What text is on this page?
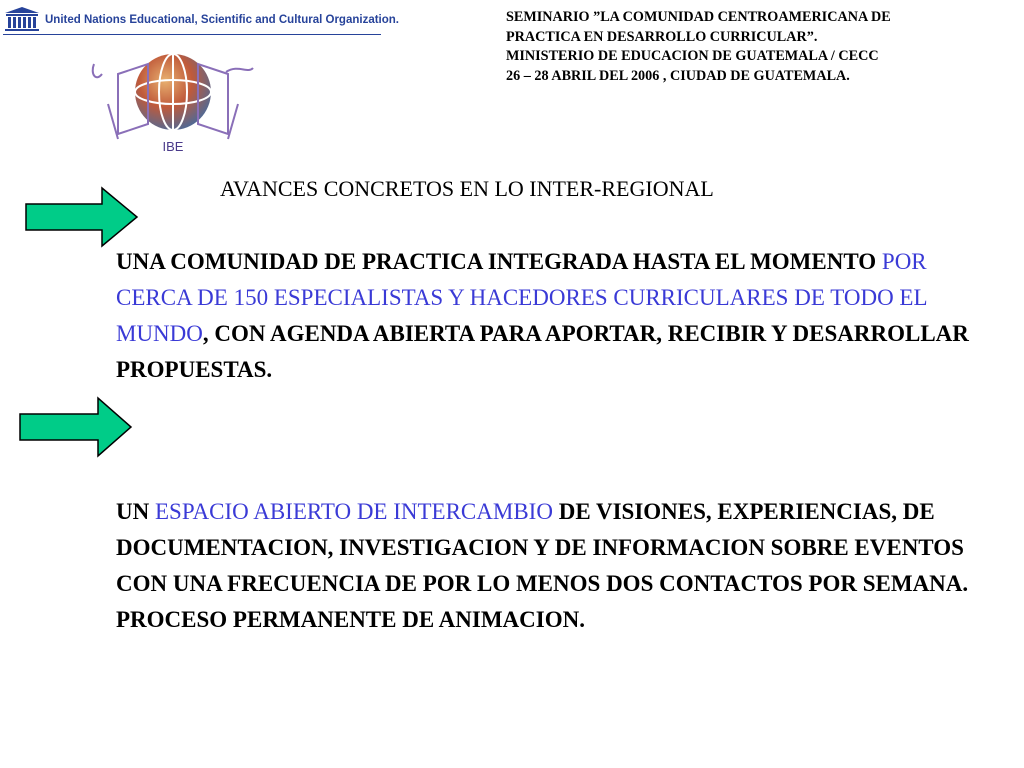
United Nations Educational, Scientific and Cultural Organization.
IBE
SEMINARIO ”LA COMUNIDAD CENTROAMERICANA DE
PRACTICA EN DESARROLLO CURRICULAR”.
MINISTERIO DE EDUCACION DE GUATEMALA / CECC
26 – 28 ABRIL DEL 2006 , CIUDAD DE GUATEMALA.
AVANCES CONCRETOS EN LO INTER-REGIONAL
UNA COMUNIDAD DE PRACTICA INTEGRADA HASTA EL MOMENTO POR CERCA DE 150 ESPECIALISTAS Y HACEDORES CURRICULARES DE TODO EL MUNDO, CON AGENDA ABIERTA PARA APORTAR, RECIBIR Y DESARROLLAR PROPUESTAS.
UN ESPACIO ABIERTO DE INTERCAMBIO DE VISIONES, EXPERIENCIAS, DE DOCUMENTACION, INVESTIGACION Y DE INFORMACION SOBRE EVENTOS CON UNA FRECUENCIA DE POR LO MENOS DOS CONTACTOS POR SEMANA. PROCESO PERMANENTE DE ANIMACION.
